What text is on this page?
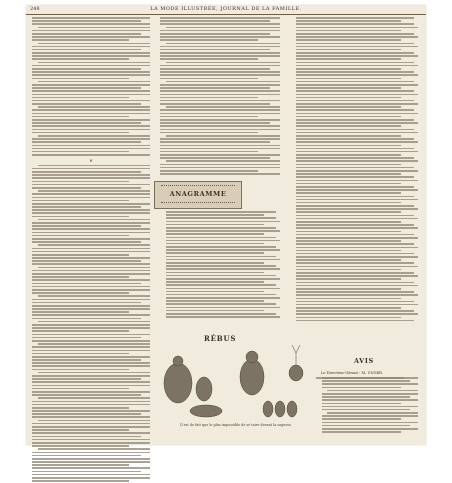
248	LA MODE ILLUSTRÉE, JOURNAL DE LA FAMILLE.
❦
ANAGRAMME
RÉBUS
Il est de fait que le plus impossible de se taire devant la sagesse.
Le Directeur-Gérant : M. UNGER.
AVIS
